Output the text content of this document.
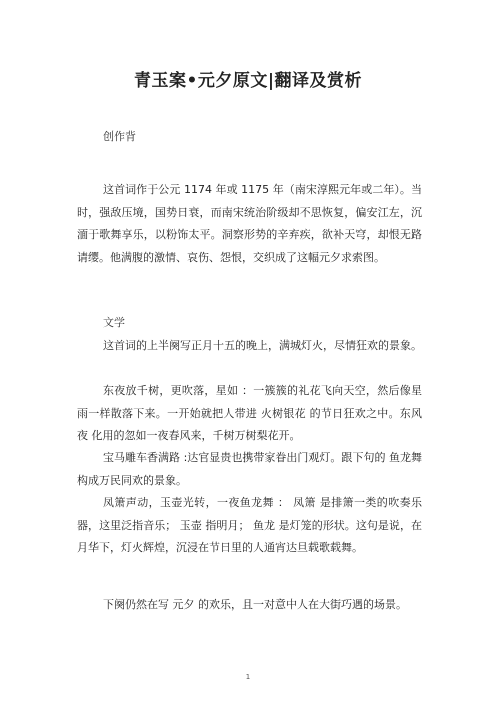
青玉案•元夕原文|翻译及赏析
创作背

这首词作于公元 1174 年或 1175 年（南宋淳熙元年或二年）。当时，强敌压境，国势日衰，而南宋统治阶级却不思恢复，偏安江左，沉湎于歌舞享乐，以粉饰太平。洞察形势的辛弃疾，欲补天穹，却恨无路请缨。他满腹的激情、哀伤、怨恨，交织成了这幅元夕求索图。

文学

这首词的上半阕写正月十五的晚上，满城灯火，尽情狂欢的景象。

东夜放千树，更吹落，星如 ：一簇簇的礼花飞向天空，然后像星雨一样散落下来。一开始就把人带进 火树银花 的节日狂欢之中。东风夜 化用的忽如一夜春风来，千树万树梨花开。

宝马雕车香满路 :达官显贵也携带家眷出门观灯。跟下句的 鱼龙舞 构成万民同欢的景象。

凤箫声动，玉壶光转，一夜鱼龙舞 ： 凤箫 是排箫一类的吹奏乐器，这里泛指音乐； 玉壶 指明月； 鱼龙 是灯笼的形状。这句是说，在月华下，灯火辉煌，沉浸在节日里的人通宵达旦载歌载舞。

下阕仍然在写 元夕 的欢乐，且一对意中人在大街巧遇的场景。

1
